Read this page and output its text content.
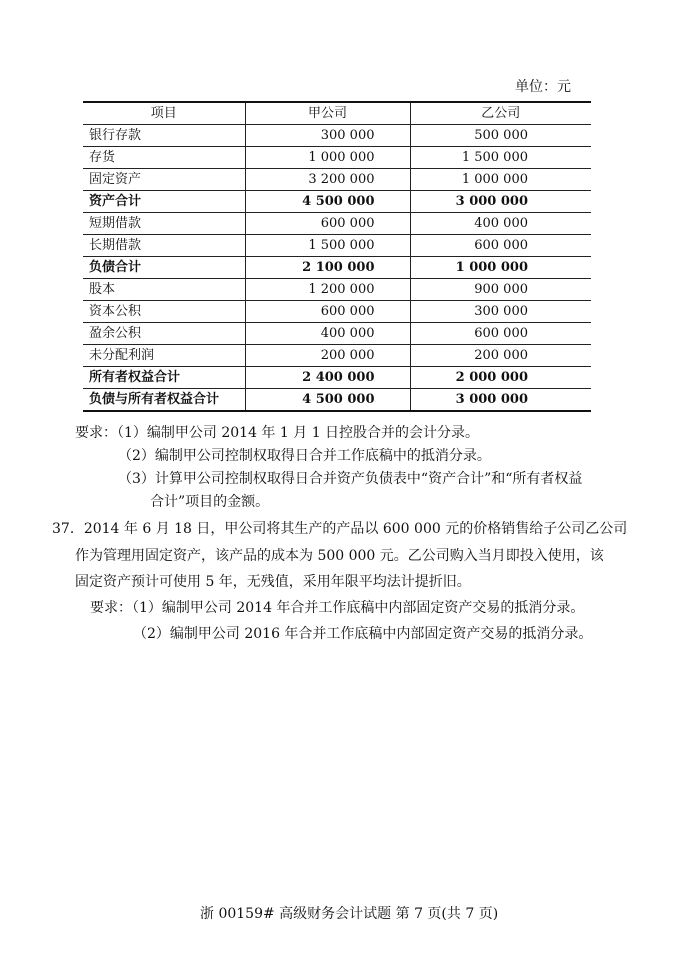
单位：元
项目	甲公司	乙公司
银行存款	300 000	500 000
存货	1 000 000	1 500 000
固定资产	3 200 000	1 000 000
资产合计	4 500 000	3 000 000
短期借款	600 000	400 000
长期借款	1 500 000	600 000
负债合计	2 100 000	1 000 000
股本	1 200 000	900 000
资本公积	600 000	300 000
盈余公积	400 000	600 000
未分配利润	200 000	200 000
所有者权益合计	2 400 000	2 000 000
负债与所有者权益合计	4 500 000	3 000 000
要求：（1）编制甲公司 2014 年 1 月 1 日控股合并的会计分录。
（2）编制甲公司控制权取得日合并工作底稿中的抵消分录。
（3）计算甲公司控制权取得日合并资产负债表中“资产合计”和“所有者权益
合计”项目的金额。
37．2014 年 6 月 18 日，甲公司将其生产的产品以 600 000 元的价格销售给子公司乙公司
作为管理用固定资产，该产品的成本为 500 000 元。乙公司购入当月即投入使用，该
固定资产预计可使用 5 年，无残值，采用年限平均法计提折旧。
要求：（1）编制甲公司 2014 年合并工作底稿中内部固定资产交易的抵消分录。
（2）编制甲公司 2016 年合并工作底稿中内部固定资产交易的抵消分录。
浙 00159# 高级财务会计试题 第 7 页(共 7 页)
